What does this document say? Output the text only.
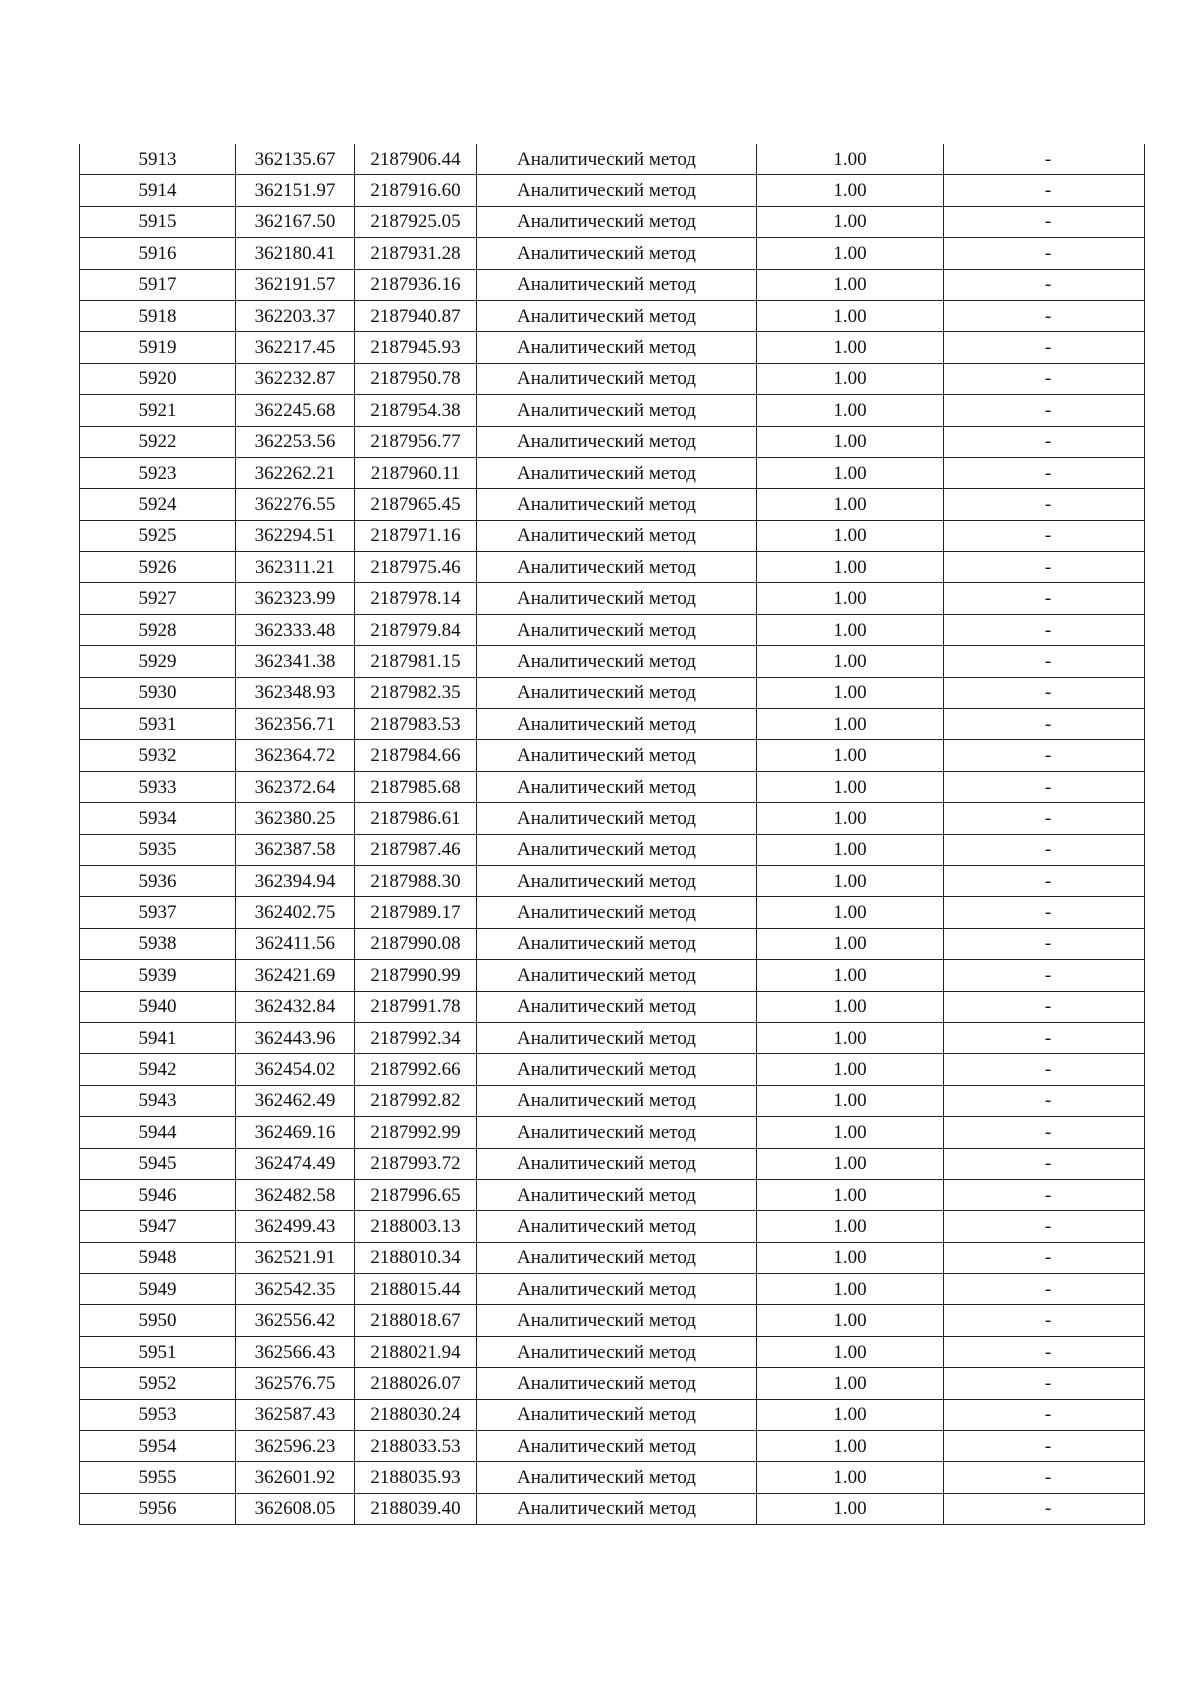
5913	362135.67	2187906.44	Аналитический метод	1.00	-
5914	362151.97	2187916.60	Аналитический метод	1.00	-
5915	362167.50	2187925.05	Аналитический метод	1.00	-
5916	362180.41	2187931.28	Аналитический метод	1.00	-
5917	362191.57	2187936.16	Аналитический метод	1.00	-
5918	362203.37	2187940.87	Аналитический метод	1.00	-
5919	362217.45	2187945.93	Аналитический метод	1.00	-
5920	362232.87	2187950.78	Аналитический метод	1.00	-
5921	362245.68	2187954.38	Аналитический метод	1.00	-
5922	362253.56	2187956.77	Аналитический метод	1.00	-
5923	362262.21	2187960.11	Аналитический метод	1.00	-
5924	362276.55	2187965.45	Аналитический метод	1.00	-
5925	362294.51	2187971.16	Аналитический метод	1.00	-
5926	362311.21	2187975.46	Аналитический метод	1.00	-
5927	362323.99	2187978.14	Аналитический метод	1.00	-
5928	362333.48	2187979.84	Аналитический метод	1.00	-
5929	362341.38	2187981.15	Аналитический метод	1.00	-
5930	362348.93	2187982.35	Аналитический метод	1.00	-
5931	362356.71	2187983.53	Аналитический метод	1.00	-
5932	362364.72	2187984.66	Аналитический метод	1.00	-
5933	362372.64	2187985.68	Аналитический метод	1.00	-
5934	362380.25	2187986.61	Аналитический метод	1.00	-
5935	362387.58	2187987.46	Аналитический метод	1.00	-
5936	362394.94	2187988.30	Аналитический метод	1.00	-
5937	362402.75	2187989.17	Аналитический метод	1.00	-
5938	362411.56	2187990.08	Аналитический метод	1.00	-
5939	362421.69	2187990.99	Аналитический метод	1.00	-
5940	362432.84	2187991.78	Аналитический метод	1.00	-
5941	362443.96	2187992.34	Аналитический метод	1.00	-
5942	362454.02	2187992.66	Аналитический метод	1.00	-
5943	362462.49	2187992.82	Аналитический метод	1.00	-
5944	362469.16	2187992.99	Аналитический метод	1.00	-
5945	362474.49	2187993.72	Аналитический метод	1.00	-
5946	362482.58	2187996.65	Аналитический метод	1.00	-
5947	362499.43	2188003.13	Аналитический метод	1.00	-
5948	362521.91	2188010.34	Аналитический метод	1.00	-
5949	362542.35	2188015.44	Аналитический метод	1.00	-
5950	362556.42	2188018.67	Аналитический метод	1.00	-
5951	362566.43	2188021.94	Аналитический метод	1.00	-
5952	362576.75	2188026.07	Аналитический метод	1.00	-
5953	362587.43	2188030.24	Аналитический метод	1.00	-
5954	362596.23	2188033.53	Аналитический метод	1.00	-
5955	362601.92	2188035.93	Аналитический метод	1.00	-
5956	362608.05	2188039.40	Аналитический метод	1.00	-
